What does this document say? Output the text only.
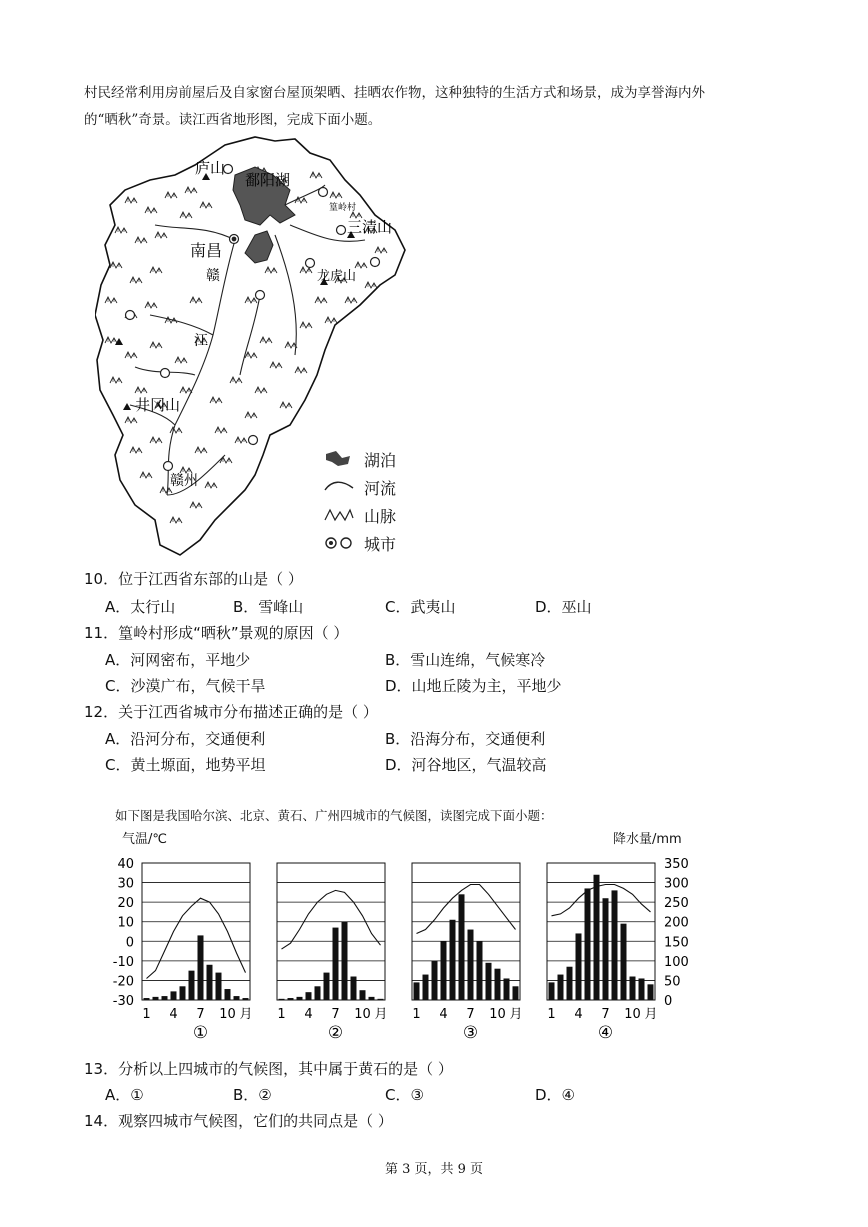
村民经常利用房前屋后及自家窗台屋顶架晒、挂晒农作物，这种独特的生活方式和场景，成为享誉海内外
的“晒秋”奇景。读江西省地形图，完成下面小题。
庐山
鄱阳湖
篁岭村
三清山
南昌
赣	龙虎山
江
井冈山
赣州
湖泊
河流
山脉
城市
10．位于江西省东部的山是（ ）
A．太行山	B．雪峰山	C．武夷山	D．巫山
11．篁岭村形成“晒秋”景观的原因（ ）
A．河网密布，平地少	B．雪山连绵，气候寒冷
C．沙漠广布，气候干旱	D．山地丘陵为主，平地少
12．关于江西省城市分布描述正确的是（ ）
A．沿河分布，交通便利	B．沿海分布，交通便利
C．黄土塬面，地势平坦	D．河谷地区，气温较高
如下图是我国哈尔滨、北京、黄石、广州四城市的气候图，读图完成下面小题：
气温/℃	降水量/mm
40
30
20
10
0
-10
-20
-30
350
300
250
200
150
100
50
0
1 4 7 10 月
①
1 4 7 10 月
②
1 4 7 10 月
③
1 4 7 10 月
④
13．分析以上四城市的气候图，其中属于黄石的是（ ）
A．①	B．②	C．③	D．④
14．观察四城市气候图，它们的共同点是（ ）
第 3 页，共 9 页
